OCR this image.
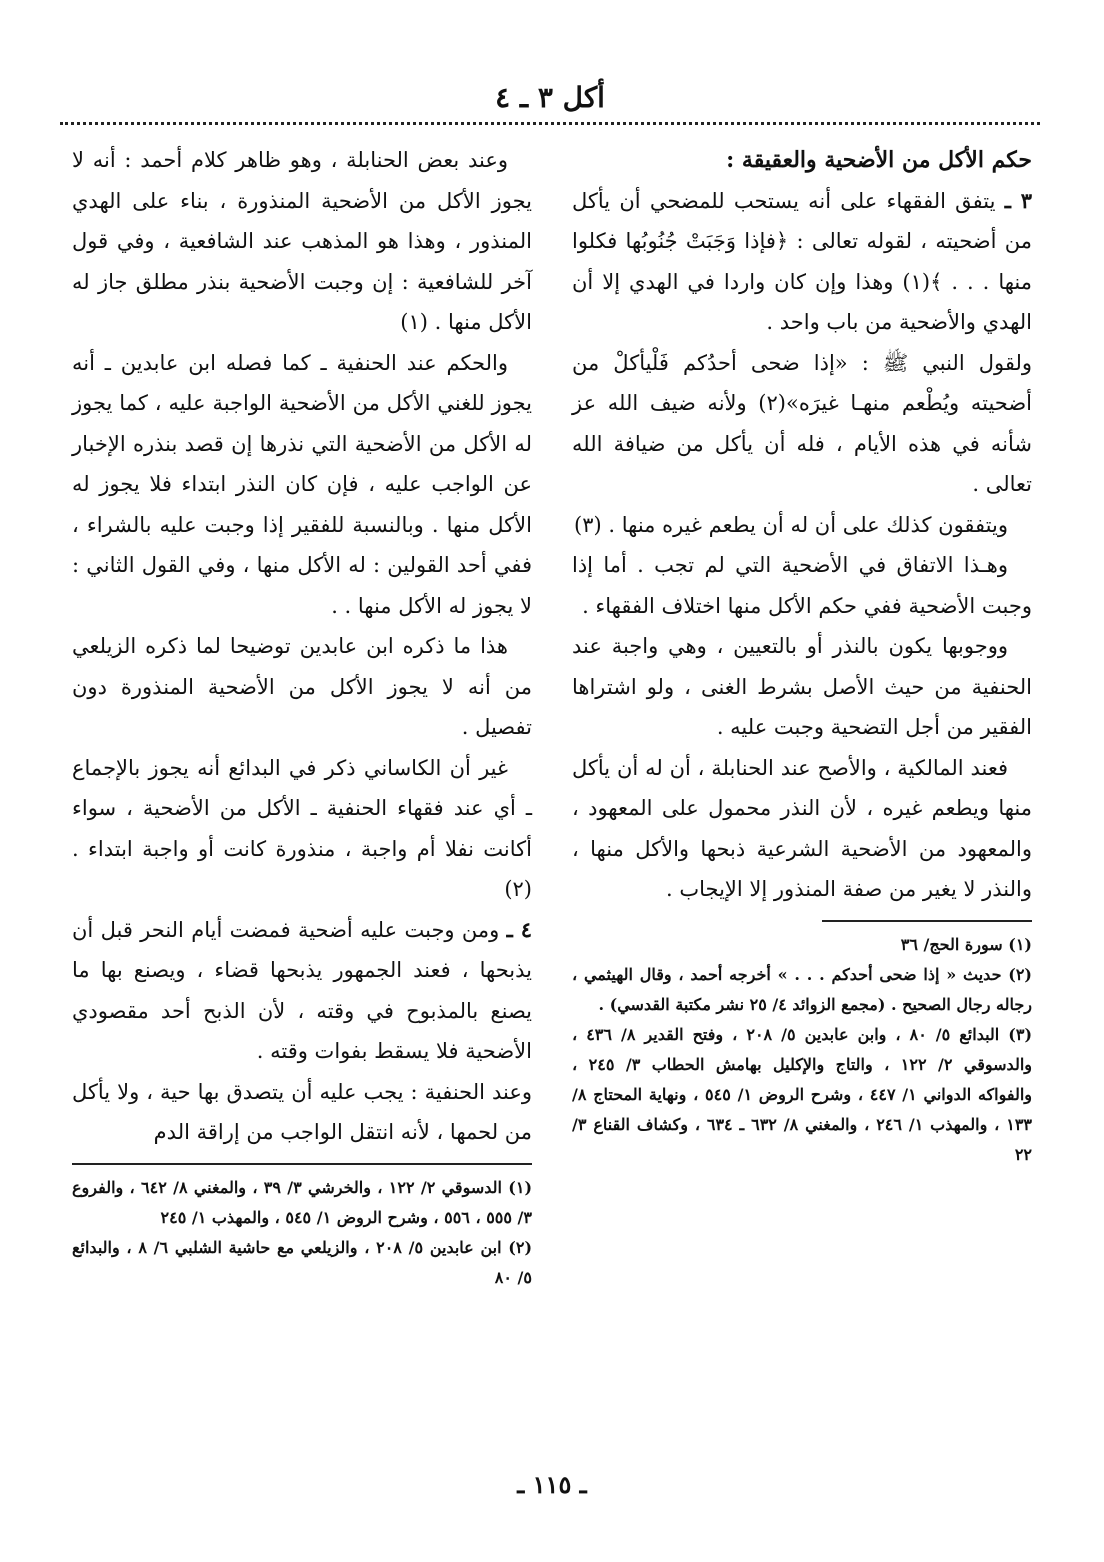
أكل ٣ ـ ٤

حكم الأكل من الأضحية والعقيقة :

٣ ـ يتفق الفقهاء على أنه يستحب للمضحي أن يأكل من أضحيته ، لقوله تعالى : ﴿فإذا وَجَبَتْ جُنُوبُها فكلوا منها . . . ﴾(١) وهذا وإن كان واردا في الهدي إلا أن الهدي والأضحية من باب واحد .

ولقول النبي ﷺ : «إذا ضحى أحدُكم فَلْيأكلْ من أضحيته ويُطْعم منهـا غيرَه»(٢) ولأنه ضيف الله عز شأنه في هذه الأيام ، فله أن يأكل من ضيافة الله تعالى .

ويتفقون كذلك على أن له أن يطعم غيره منها . (٣)

وهـذا الاتفاق في الأضحية التي لم تجب . أما إذا وجبت الأضحية ففي حكم الأكل منها اختلاف الفقهاء .

ووجوبها يكون بالنذر أو بالتعيين ، وهي واجبة عند الحنفية من حيث الأصل بشرط الغنى ، ولو اشتراها الفقير من أجل التضحية وجبت عليه .

فعند المالكية ، والأصح عند الحنابلة ، أن له أن يأكل منها ويطعم غيره ، لأن النذر محمول على المعهود ، والمعهود من الأضحية الشرعية ذبحها والأكل منها ، والنذر لا يغير من صفة المنذور إلا الإيجاب .

(١) سورة الحج/ ٣٦

(٢) حديث « إذا ضحى أحدكم . . . » أخرجه أحمد ، وقال الهيثمي ، رجاله رجال الصحيح . (مجمع الزوائد ٤/ ٢٥ نشر مكتبة القدسي) .

(٣) البدائع ٥/ ٨٠ ، وابن عابدين ٥/ ٢٠٨ ، وفتح القدير ٨/ ٤٣٦ ، والدسوقي ٢/ ١٢٢ ، والتاج والإكليل بهامش الحطاب ٣/ ٢٤٥ ، والفواكه الدواني ١/ ٤٤٧ ، وشرح الروض ١/ ٥٤٥ ، ونهاية المحتاج ٨/ ١٣٣ ، والمهذب ١/ ٢٤٦ ، والمغني ٨/ ٦٣٢ ـ ٦٣٤ ، وكشاف القناع ٣/ ٢٢

وعند بعض الحنابلة ، وهو ظاهر كلام أحمد : أنه لا يجوز الأكل من الأضحية المنذورة ، بناء على الهدي المنذور ، وهذا هو المذهب عند الشافعية ، وفي قول آخر للشافعية : إن وجبت الأضحية بنذر مطلق جاز له الأكل منها . (١)

والحكم عند الحنفية ـ كما فصله ابن عابدين ـ أنه يجوز للغني الأكل من الأضحية الواجبة عليه ، كما يجوز له الأكل من الأضحية التي نذرها إن قصد بنذره الإخبار عن الواجب عليه ، فإن كان النذر ابتداء فلا يجوز له الأكل منها . وبالنسبة للفقير إذا وجبت عليه بالشراء ، ففي أحد القولين : له الأكل منها ، وفي القول الثاني : لا يجوز له الأكل منها . .

هذا ما ذكره ابن عابدين توضيحا لما ذكره الزيلعي من أنه لا يجوز الأكل من الأضحية المنذورة دون تفصيل .

غير أن الكاساني ذكر في البدائع أنه يجوز بالإجماع ـ أي عند فقهاء الحنفية ـ الأكل من الأضحية ، سواء أكانت نفلا أم واجبة ، منذورة كانت أو واجبة ابتداء . (٢)

٤ ـ ومن وجبت عليه أضحية فمضت أيام النحر قبل أن يذبحها ، فعند الجمهور يذبحها قضاء ، ويصنع بها ما يصنع بالمذبوح في وقته ، لأن الذبح أحد مقصودي الأضحية فلا يسقط بفوات وقته .

وعند الحنفية : يجب عليه أن يتصدق بها حية ، ولا يأكل من لحمها ، لأنه انتقل الواجب من إراقة الدم

(١) الدسوقي ٢/ ١٢٢ ، والخرشي ٣/ ٣٩ ، والمغني ٨/ ٦٤٢ ، والفروع ٣/ ٥٥٥ ، ٥٥٦ ، وشرح الروض ١/ ٥٤٥ ، والمهذب ١/ ٢٤٥

(٢) ابن عابدين ٥/ ٢٠٨ ، والزيلعي مع حاشية الشلبي ٦/ ٨ ، والبدائع ٥/ ٨٠

ـ ١١٥ ـ
